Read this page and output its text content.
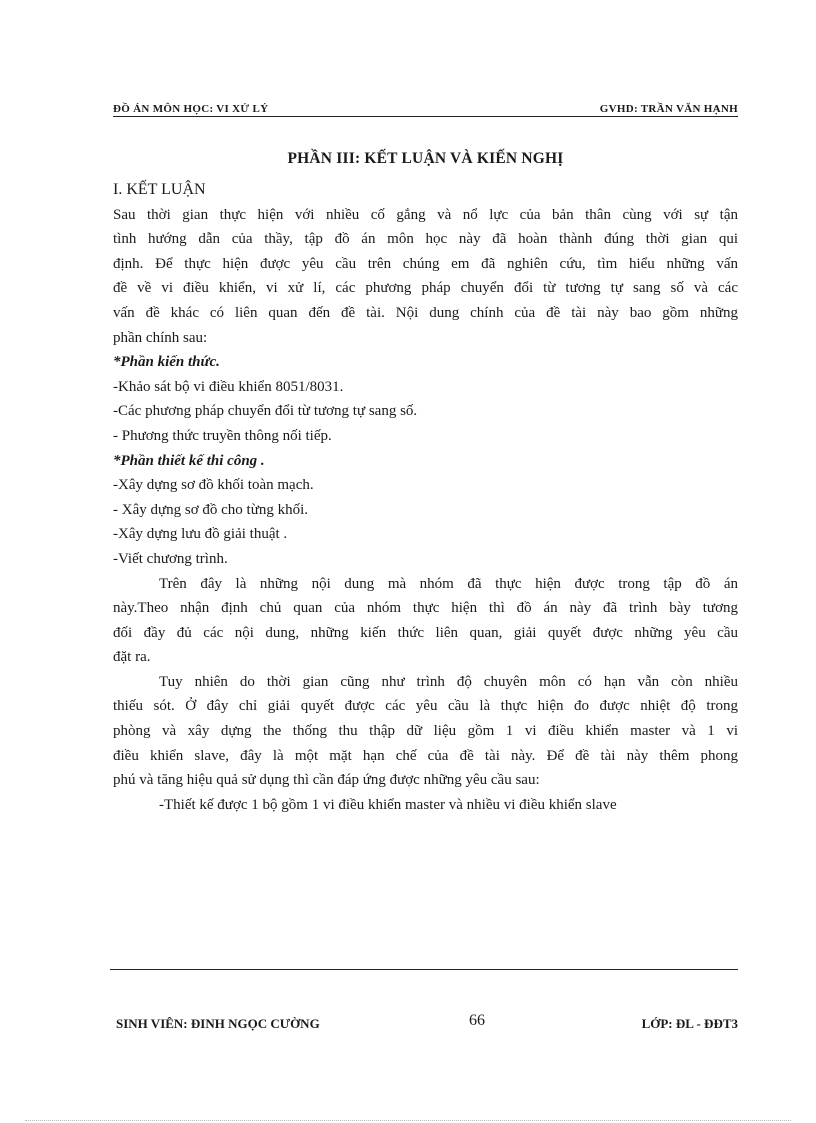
ĐỒ ÁN MÔN HỌC: VI XỬ LÝ	GVHD: TRẦN VĂN HẠNH
PHẦN III: KẾT LUẬN VÀ KIẾN NGHỊ
I. KẾT LUẬN
Sau thời gian thực hiện với nhiều cố gắng và nổ lực của bản thân cùng với sự tận
tình hướng dẫn của thầy, tập đồ án môn học này đã hoàn thành đúng thời gian qui
định. Để thực hiện được yêu cầu trên chúng em đã nghiên cứu, tìm hiểu những vấn
đề về vi điều khiển, vi xử lí, các phương pháp chuyển đổi từ tương tự sang số và các
vấn đề khác có liên quan đến đề tài. Nội dung chính của đề tài này bao gồm những
phần chính sau:
*Phần kiến thức.
-Khảo sát bộ vi điều khiển 8051/8031.
-Các phương pháp chuyển đổi từ tương tự sang số.
- Phương thức truyền thông nối tiếp.
*Phần thiết kế thi công .
-Xây dựng sơ đồ khối toàn mạch.
- Xây dựng sơ đồ cho từng khối.
-Xây dựng lưu đồ giải thuật .
-Viết chương trình.
Trên đây là những nội dung mà nhóm đã thực hiện được trong tập đồ án
này.Theo nhận định chủ quan của nhóm thực hiện thì đồ án này đã trình bày tương
đối đầy đủ các nội dung, những kiến thức liên quan, giải quyết được những yêu cầu
đặt ra.
Tuy nhiên do thời gian cũng như trình độ chuyên môn có hạn vẫn còn nhiều
thiếu sót. Ở đây chỉ giải quyết được các yêu cầu là thực hiện đo được nhiệt độ trong
phòng và xây dựng the thống thu thập dữ liệu gồm 1 vi điều khiển master và 1 vi
điều khiển slave, đây là một mặt hạn chế của đề tài này. Để đề tài này thêm phong
phú và tăng hiệu quả sử dụng thì cần đáp ứng được những yêu cầu sau:
-Thiết kế được 1 bộ gồm 1 vi điều khiển master và nhiều vi điều khiển slave
SINH VIÊN: ĐINH NGỌC CƯỜNG	66	LỚP: ĐL - ĐĐT3
